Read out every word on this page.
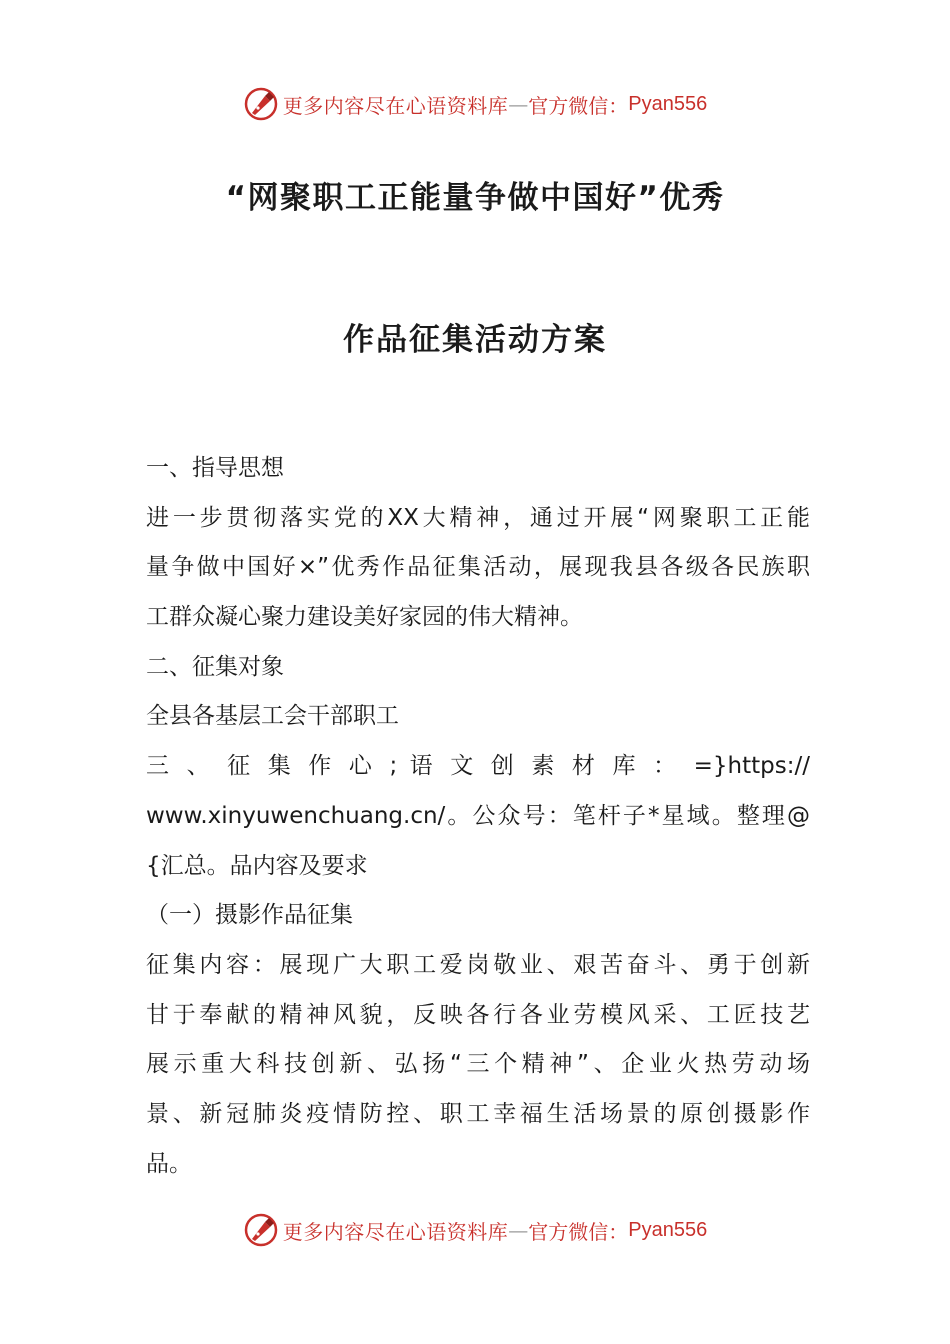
更多内容尽在心语资料库 — 官方微信： Pyan556
“网聚职工正能量争做中国好”优秀
作品征集活动方案
一、指导思想
进一步贯彻落实党的XX大精神，通过开展“网聚职工正能
量争做中国好×”优秀作品征集活动，展现我县各级各民族职
工群众凝心聚力建设美好家园的伟大精神。
二、征集对象
全县各基层工会干部职工
三 、 征 集 作 心 ; 语 文 创 素 材 库 ： =}https://
www.xinyuwenchuang.cn/。公众号：笔杆子*星域。整理@
{汇总。品内容及要求
（一）摄影作品征集
征集内容：展现广大职工爱岗敬业、艰苦奋斗、勇于创新
甘于奉献的精神风貌，反映各行各业劳模风采、工匠技艺
展示重大科技创新、弘扬“三个精神”、企业火热劳动场
景、新冠肺炎疫情防控、职工幸福生活场景的原创摄影作
品。
更多内容尽在心语资料库 — 官方微信： Pyan556
